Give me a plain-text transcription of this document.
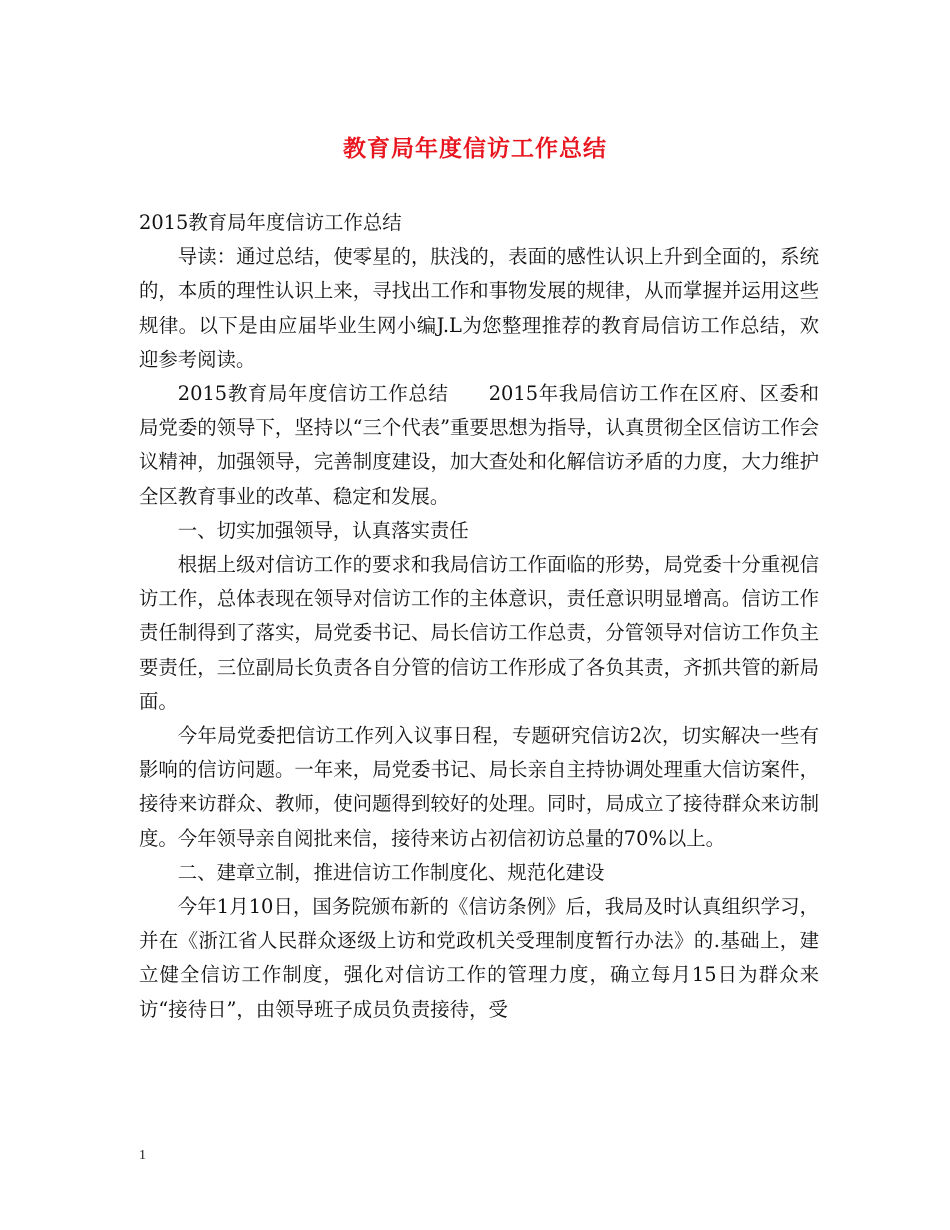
教育局年度信访工作总结

2015教育局年度信访工作总结

导读：通过总结，使零星的，肤浅的，表面的感性认识上升到全面的，系统的，本质的理性认识上来，寻找出工作和事物发展的规律，从而掌握并运用这些规律。以下是由应届毕业生网小编J.L为您整理推荐的教育局信访工作总结，欢迎参考阅读。

2015教育局年度信访工作总结　　2015年我局信访工作在区府、区委和局党委的领导下，坚持以“三个代表”重要思想为指导，认真贯彻全区信访工作会议精神，加强领导，完善制度建设，加大查处和化解信访矛盾的力度，大力维护全区教育事业的改革、稳定和发展。

一、切实加强领导，认真落实责任

根据上级对信访工作的要求和我局信访工作面临的形势，局党委十分重视信访工作，总体表现在领导对信访工作的主体意识，责任意识明显增高。信访工作责任制得到了落实，局党委书记、局长信访工作总责，分管领导对信访工作负主要责任，三位副局长负责各自分管的信访工作形成了各负其责，齐抓共管的新局面。

今年局党委把信访工作列入议事日程，专题研究信访2次，切实解决一些有影响的信访问题。一年来，局党委书记、局长亲自主持协调处理重大信访案件，接待来访群众、教师，使问题得到较好的处理。同时，局成立了接待群众来访制度。今年领导亲自阅批来信，接待来访占初信初访总量的70%以上。

二、建章立制，推进信访工作制度化、规范化建设

今年1月10日，国务院颁布新的《信访条例》后，我局及时认真组织学习，并在《浙江省人民群众逐级上访和党政机关受理制度暂行办法》的.基础上，建立健全信访工作制度，强化对信访工作的管理力度，确立每月15日为群众来访“接待日”，由领导班子成员负责接待，受

1
